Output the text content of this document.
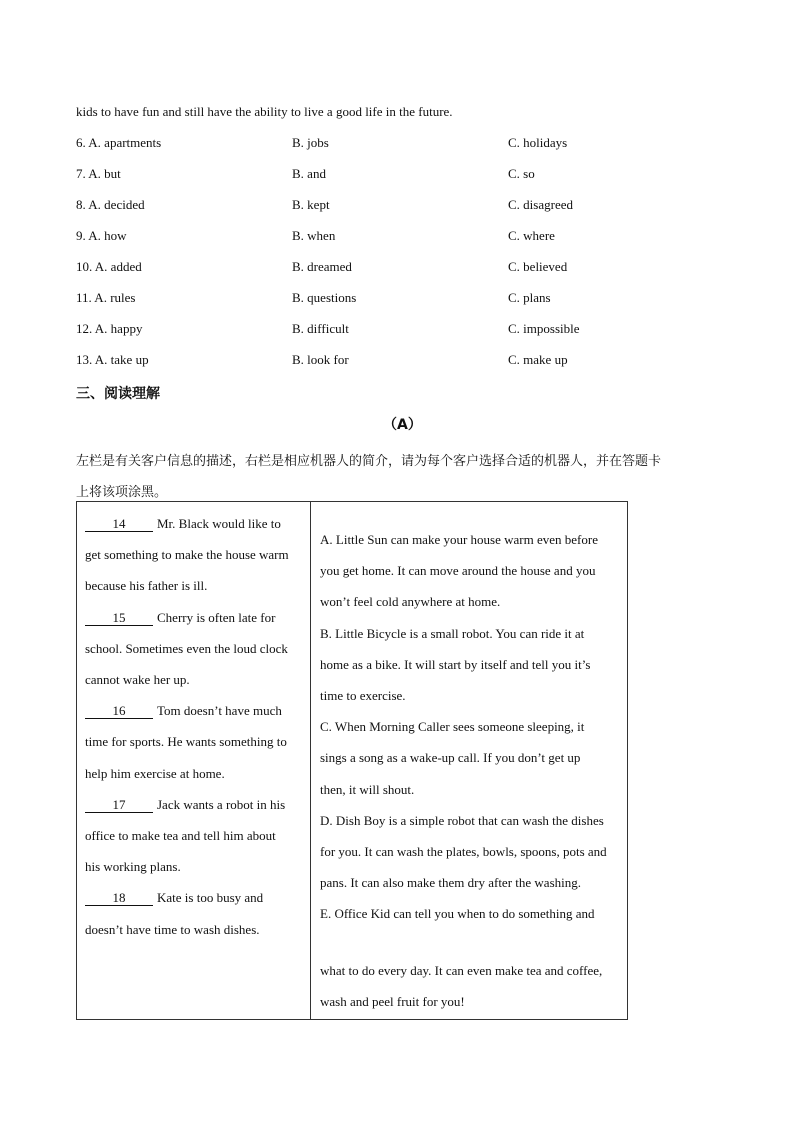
kids to have fun and still have the ability to live a good life in the future.
6. A. apartments	B. jobs	C. holidays
7. A. but	B. and	C. so
8. A. decided	B. kept	C. disagreed
9. A. how	B. when	C. where
10. A. added	B. dreamed	C. believed
11. A. rules	B. questions	C. plans
12. A. happy	B. difficult	C. impossible
13. A. take up	B. look for	C. make up
三、阅读理解
（A）
左栏是有关客户信息的描述，右栏是相应机器人的简介，请为每个客户选择合适的机器人，并在答题卡
上将该项涂黑。
14 Mr. Black would like to
get something to make the house warm
because his father is ill.
15 Cherry is often late for
school. Sometimes even the loud clock
cannot wake her up.
16 Tom doesn’t have much
time for sports. He wants something to
help him exercise at home.
17 Jack wants a robot in his
office to make tea and tell him about
his working plans.
18 Kate is too busy and
doesn’t have time to wash dishes.
A. Little Sun can make your house warm even before
you get home. It can move around the house and you
won’t feel cold anywhere at home.
B. Little Bicycle is a small robot. You can ride it at
home as a bike. It will start by itself and tell you it’s
time to exercise.
C. When Morning Caller sees someone sleeping, it
sings a song as a wake-up call. If you don’t get up
then, it will shout.
D. Dish Boy is a simple robot that can wash the dishes
for you. It can wash the plates, bowls, spoons, pots and
pans. It can also make them dry after the washing.
E. Office Kid can tell you when to do something and
what to do every day. It can even make tea and coffee,
wash and peel fruit for you!
